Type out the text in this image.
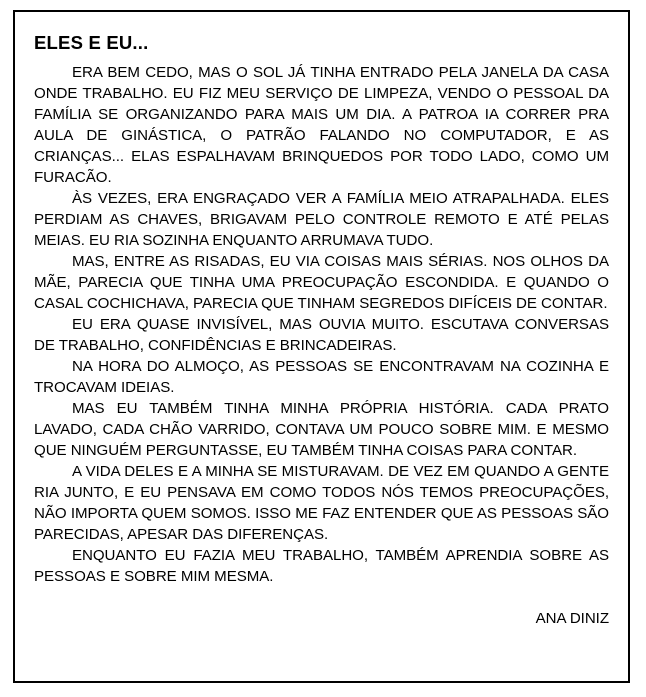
ELES E EU...

ERA BEM CEDO, MAS O SOL JÁ TINHA ENTRADO PELA JANELA DA CASA ONDE TRABALHO. EU FIZ MEU SERVIÇO DE LIMPEZA, VENDO O PESSOAL DA FAMÍLIA SE ORGANIZANDO PARA MAIS UM DIA. A PATROA IA CORRER PRA AULA DE GINÁSTICA, O PATRÃO FALANDO NO COMPUTADOR, E AS CRIANÇAS... ELAS ESPALHAVAM BRINQUEDOS POR TODO LADO, COMO UM FURACÃO.

ÀS VEZES, ERA ENGRAÇADO VER A FAMÍLIA MEIO ATRAPALHADA. ELES PERDIAM AS CHAVES, BRIGAVAM PELO CONTROLE REMOTO E ATÉ PELAS MEIAS. EU RIA SOZINHA ENQUANTO ARRUMAVA TUDO.

MAS, ENTRE AS RISADAS, EU VIA COISAS MAIS SÉRIAS. NOS OLHOS DA MÃE, PARECIA QUE TINHA UMA PREOCUPAÇÃO ESCONDIDA. E QUANDO O CASAL COCHICHAVA, PARECIA QUE TINHAM SEGREDOS DIFÍCEIS DE CONTAR.

EU ERA QUASE INVISÍVEL, MAS OUVIA MUITO. ESCUTAVA CONVERSAS DE TRABALHO, CONFIDÊNCIAS E BRINCADEIRAS.

NA HORA DO ALMOÇO, AS PESSOAS SE ENCONTRAVAM NA COZINHA E TROCAVAM IDEIAS.

MAS EU TAMBÉM TINHA MINHA PRÓPRIA HISTÓRIA. CADA PRATO LAVADO, CADA CHÃO VARRIDO, CONTAVA UM POUCO SOBRE MIM. E MESMO QUE NINGUÉM PERGUNTASSE, EU TAMBÉM TINHA COISAS PARA CONTAR.

A VIDA DELES E A MINHA SE MISTURAVAM. DE VEZ EM QUANDO A GENTE RIA JUNTO, E EU PENSAVA EM COMO TODOS NÓS TEMOS PREOCUPAÇÕES, NÃO IMPORTA QUEM SOMOS. ISSO ME FAZ ENTENDER QUE AS PESSOAS SÃO PARECIDAS, APESAR DAS DIFERENÇAS.

ENQUANTO EU FAZIA MEU TRABALHO, TAMBÉM APRENDIA SOBRE AS PESSOAS E SOBRE MIM MESMA.

ANA DINIZ
